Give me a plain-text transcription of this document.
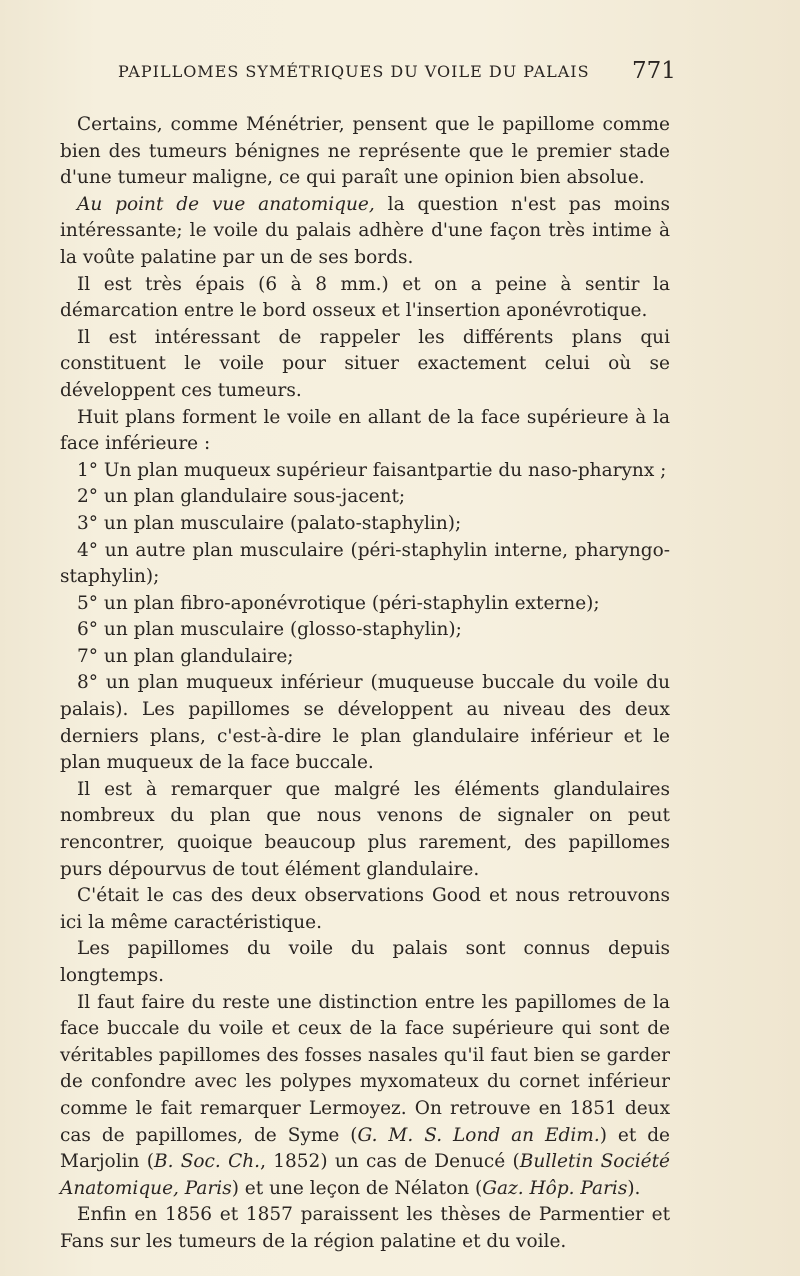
PAPILLOMES SYMÉTRIQUES DU VOILE DU PALAIS	771

Certains, comme Ménétrier, pensent que le papillome comme bien des tumeurs bénignes ne représente que le premier stade d'une tumeur maligne, ce qui paraît une opinion bien absolue.

Au point de vue anatomique, la question n'est pas moins intéressante; le voile du palais adhère d'une façon très intime à la voûte palatine par un de ses bords.

Il est très épais (6 à 8 mm.) et on a peine à sentir la démarcation entre le bord osseux et l'insertion aponévrotique.

Il est intéressant de rappeler les différents plans qui constituent le voile pour situer exactement celui où se développent ces tumeurs.

Huit plans forment le voile en allant de la face supérieure à la face inférieure :

1° Un plan muqueux supérieur faisantpartie du naso-pharynx ;

2° un plan glandulaire sous-jacent;

3° un plan musculaire (palato-staphylin);

4° un autre plan musculaire (péri-staphylin interne, pharyngo-staphylin);

5° un plan fibro-aponévrotique (péri-staphylin externe);

6° un plan musculaire (glosso-staphylin);

7° un plan glandulaire;

8° un plan muqueux inférieur (muqueuse buccale du voile du palais). Les papillomes se développent au niveau des deux derniers plans, c'est-à-dire le plan glandulaire inférieur et le plan muqueux de la face buccale.

Il est à remarquer que malgré les éléments glandulaires nombreux du plan que nous venons de signaler on peut rencontrer, quoique beaucoup plus rarement, des papillomes purs dépourvus de tout élément glandulaire.

C'était le cas des deux observations Good et nous retrouvons ici la même caractéristique.

Les papillomes du voile du palais sont connus depuis longtemps.

Il faut faire du reste une distinction entre les papillomes de la face buccale du voile et ceux de la face supérieure qui sont de véritables papillomes des fosses nasales qu'il faut bien se garder de confondre avec les polypes myxomateux du cornet inférieur comme le fait remarquer Lermoyez. On retrouve en 1851 deux cas de papillomes, de Syme (G. M. S. Lond an Edim.) et de Marjolin (B. Soc. Ch., 1852) un cas de Denucé (Bulletin Société Anatomique, Paris) et une leçon de Nélaton (Gaz. Hôp. Paris).

Enfin en 1856 et 1857 paraissent les thèses de Parmentier et Fans sur les tumeurs de la région palatine et du voile.
